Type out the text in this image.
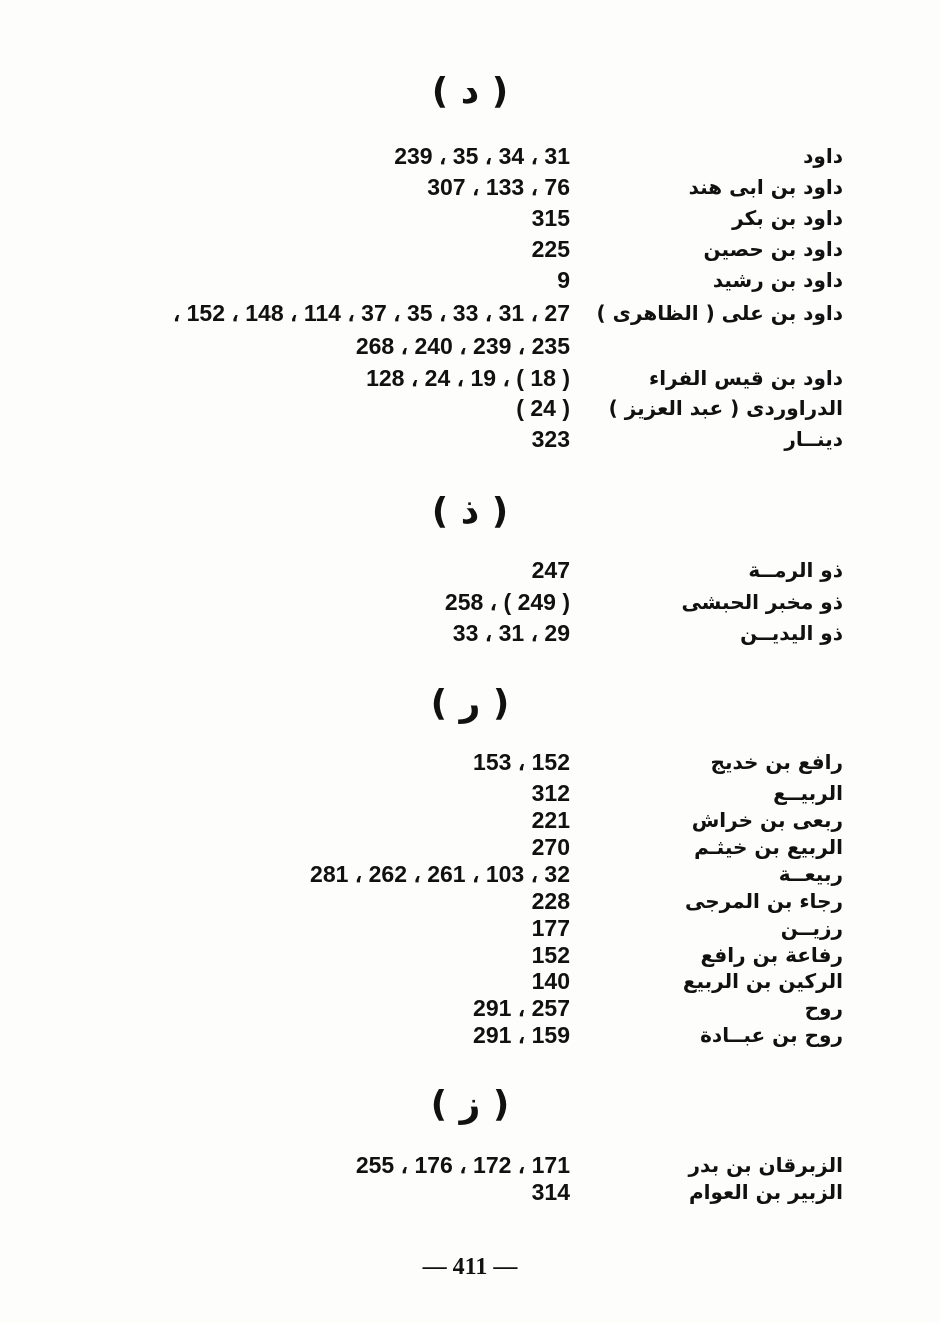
( د )
داود
31 ، 34 ، 35 ، 239
داود بن ابى هند
76 ، 133 ، 307
داود بن بكر
315
داود بن حصين
225
داود بن رشيد
9
داود بن على ( الظاهرى )
27 ، 31 ، 33 ، 35 ، 37 ، 114 ، 148 ، 152 ،
235 ، 239 ، 240 ، 268
داود بن قيس الفراء
( 18 ) ، 19 ، 24 ، 128
الدراوردى ( عبد العزيز )
( 24 )
دينــار
323
( ذ )
ذو الرمــة
247
ذو مخبر الحبشى
( 249 ) ، 258
ذو اليديــن
29 ، 31 ، 33
( ر )
رافع بن خديج
152 ، 153
الربيــع
312
ربعى بن خراش
221
الربيع بن خيثـم
270
ربيعــة
32 ، 103 ، 261 ، 262 ، 281
رجاء بن المرجى
228
رزيــن
177
رفاعة بن رافع
152
الركين بن الربيع
140
روح
257 ، 291
روح بن عبــادة
159 ، 291
( ز )
الزبرقان بن بدر
171 ، 172 ، 176 ، 255
الزبير بن العوام
314
— 411 —
